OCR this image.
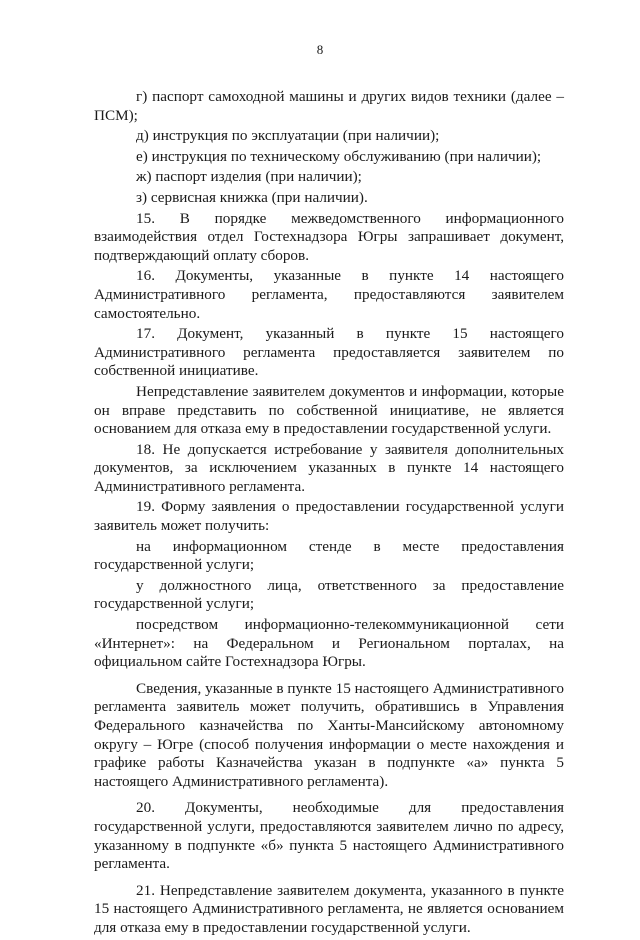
8

г) паспорт самоходной машины и других видов техники (далее – ПСМ);

д) инструкция по эксплуатации (при наличии);

е) инструкция по техническому обслуживанию (при наличии);

ж) паспорт изделия (при наличии);

з) сервисная книжка (при наличии).

15. В порядке межведомственного информационного взаимодействия отдел Гостехнадзора Югры запрашивает документ, подтверждающий оплату сборов.

16. Документы, указанные в пункте 14 настоящего Административного регламента, предоставляются заявителем самостоятельно.

17. Документ, указанный в пункте 15 настоящего Административного регламента предоставляется заявителем по собственной инициативе.

Непредставление заявителем документов и информации, которые он вправе представить по собственной инициативе, не является основанием для отказа ему в предоставлении государственной услуги.

18. Не допускается истребование у заявителя дополнительных документов, за исключением указанных в пункте 14 настоящего Административного регламента.

19. Форму заявления о предоставлении государственной услуги заявитель может получить:

на информационном стенде в месте предоставления государственной услуги;

у должностного лица, ответственного за предоставление государственной услуги;

посредством информационно-телекоммуникационной сети «Интернет»: на Федеральном и Региональном порталах, на официальном сайте Гостехнадзора Югры.

Сведения, указанные в пункте 15 настоящего Административного регламента заявитель может получить, обратившись в Управления Федерального казначейства по Ханты-Мансийскому автономному округу – Югре (способ получения информации о месте нахождения и графике работы Казначейства указан в подпункте «а» пункта 5 настоящего Административного регламента).

20. Документы, необходимые для предоставления государственной услуги, предоставляются заявителем лично по адресу, указанному в подпункте «б» пункта 5 настоящего Административного регламента.

21. Непредставление заявителем документа, указанного в пункте 15 настоящего Административного регламента, не является основанием для отказа ему в предоставлении государственной услуги.
